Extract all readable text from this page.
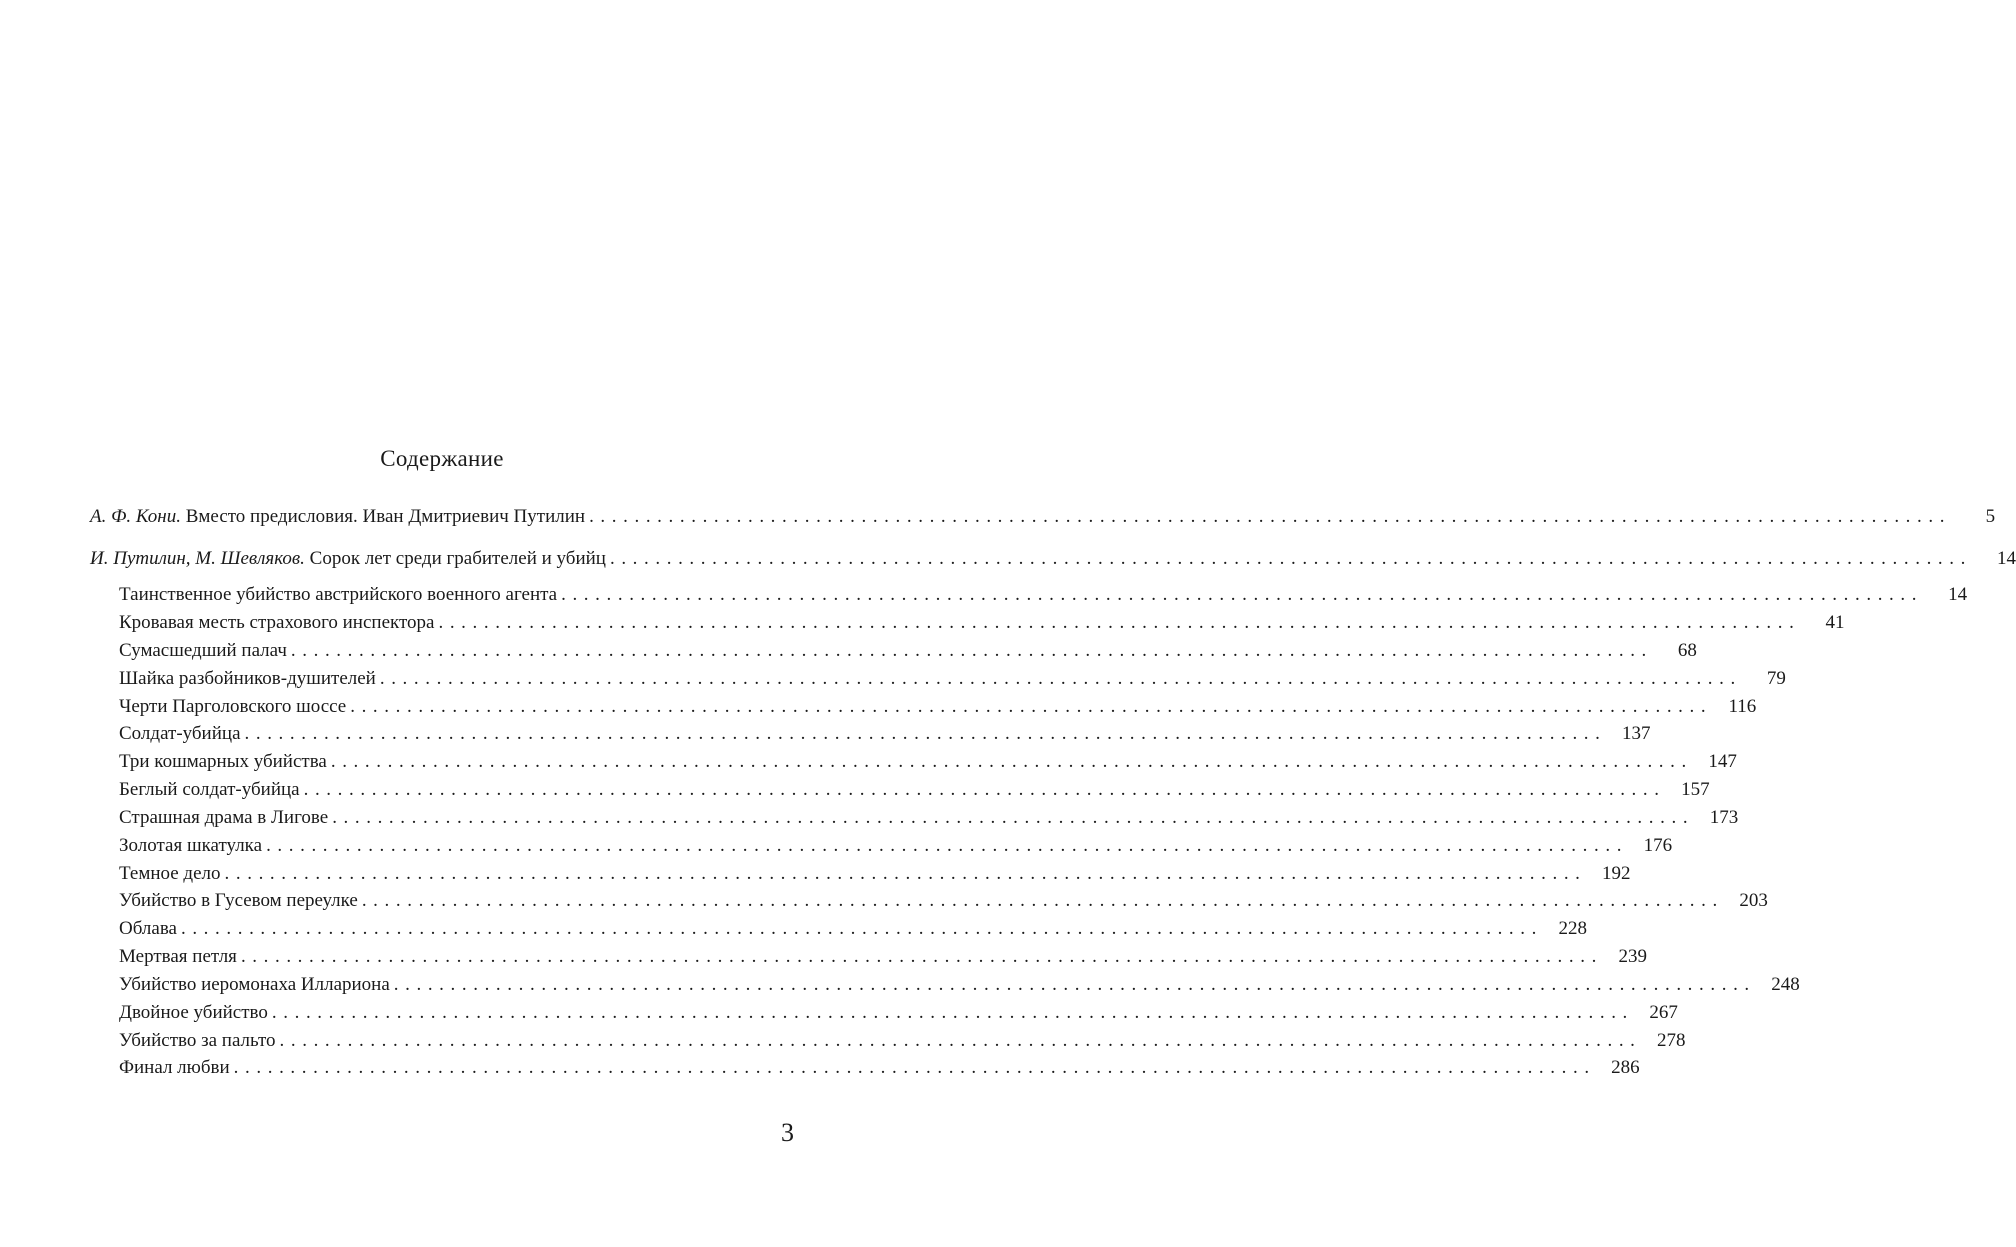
Содержание
А. Ф. Кони. Вместо предисловия. Иван Дмитриевич Путилин ........................................................................................................................	5
И. Путилин, М. Шевляков. Сорок лет среди грабителей и убийц ........................................................................................................................	14
Таинственное убийство австрийского военного агента ........................................................................................................................	14
Кровавая месть страхового инспектора ........................................................................................................................	41
Сумасшедший палач ........................................................................................................................	68
Шайка разбойников-душителей ........................................................................................................................	79
Черти Парголовского шоссе ........................................................................................................................ 116
Солдат-убийца ........................................................................................................................ 137
Три кошмарных убийства ........................................................................................................................ 147
Беглый солдат-убийца ........................................................................................................................ 157
Страшная драма в Лигове ........................................................................................................................ 173
Золотая шкатулка ........................................................................................................................ 176
Темное дело ........................................................................................................................ 192
Убийство в Гусевом переулке ........................................................................................................................ 203
Облава ........................................................................................................................ 228
Мертвая петля ........................................................................................................................ 239
Убийство иеромонаха Иллариона ........................................................................................................................ 248
Двойное убийство ........................................................................................................................ 267
Убийство за пальто ........................................................................................................................ 278
Финал любви ........................................................................................................................ 286
3
